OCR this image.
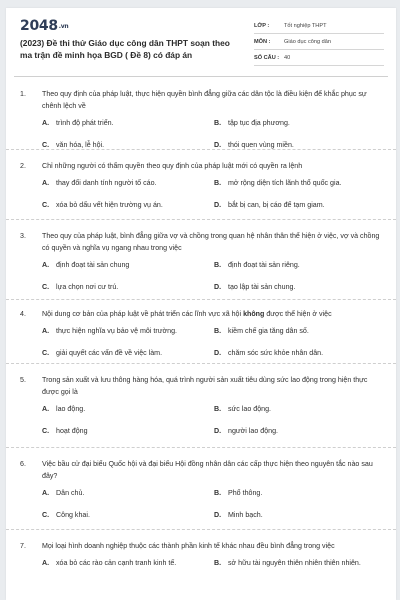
2048.vn
(2023) Đề thi thử Giáo dục công dân THPT soạn theo ma trận đề minh họa BGD ( Đề 8) có đáp án
LỚP :	Tốt nghiệp THPT
MÔN :	Giáo dục công dân
SỐ CÂU : 40
1. Theo quy định của pháp luật, thực hiện quyền bình đẳng giữa các dân tộc là điều kiện để khắc phục sự chênh lệch về
A. trình độ phát triển.	B. tập tục địa phương.
C. văn hóa, lễ hội.	D. thói quen vùng miền.
2. Chỉ những người có thẩm quyền theo quy định của pháp luật mới có quyền ra lệnh
A. thay đổi danh tính người tố cáo.	B. mở rộng diện tích lãnh thổ quốc gia.
C. xóa bỏ dấu vết hiện trường vụ án.	D. bắt bị can, bị cáo để tạm giam.
3. Theo quy của pháp luật, bình đẳng giữa vợ và chồng trong quan hệ nhân thân thể hiện ở việc, vợ và chồng có quyền và nghĩa vụ ngang nhau trong việc
A. định đoạt tài sản chung	B. định đoạt tài sản riêng.
C. lựa chọn nơi cư trú.	D. tạo lập tài sản chung.
4. Nội dung cơ bản của pháp luật về phát triển các lĩnh vực xã hội không được thể hiện ở việc
A. thực hiện nghĩa vụ bảo vệ môi trường.	B. kiềm chế gia tăng dân số.
C. giải quyết các vấn đề về việc làm.	D. chăm sóc sức khỏe nhân dân.
5. Trong sản xuất và lưu thông hàng hóa, quá trình người sản xuất tiêu dùng sức lao động trong hiện thực được gọi là
A. lao động.	B. sức lao động.
C. hoạt động	D. người lao động.
6. Việc bầu cử đại biểu Quốc hội và đại biểu Hội đồng nhân dân các cấp thực hiện theo nguyên tắc nào sau đây?
A. Dân chủ.	B. Phổ thông.
C. Công khai.	D. Minh bạch.
7. Mọi loại hình doanh nghiệp thuộc các thành phần kinh tế khác nhau đều bình đẳng trong việc
A. xóa bỏ các rào cản cạnh tranh kinh tế.	B. sở hữu tài nguyên thiên nhiên thiên nhiên.
